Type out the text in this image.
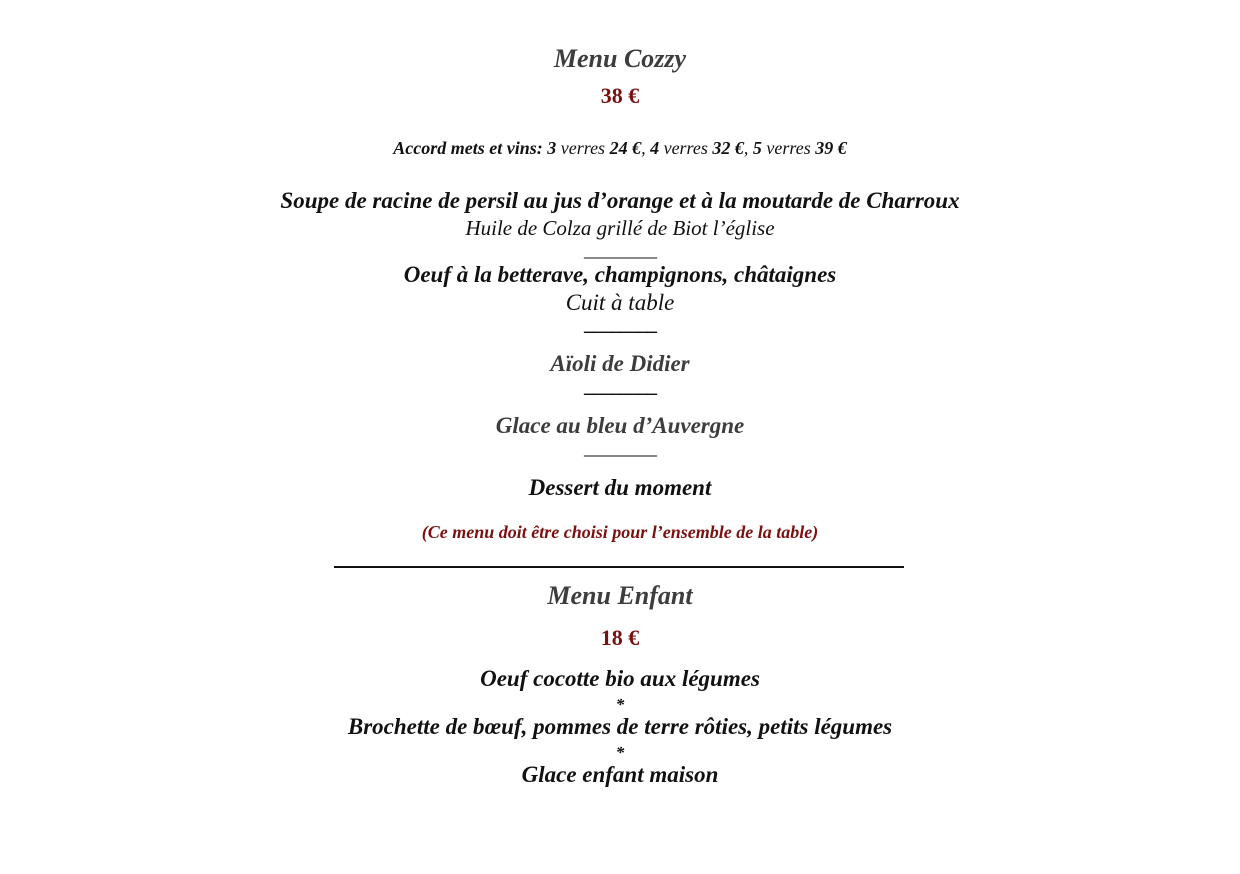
Menu Cozzy
38 €
Accord mets et vins: 3 verres 24 €, 4 verres 32 €, 5 verres 39 €
Soupe de racine de persil au jus d’orange et à la moutarde de Charroux
Huile de Colza grillé de Biot l’église
________
Oeuf à la betterave, champignons, châtaignes
Cuit à table
________
Aïoli de Didier
________
Glace au bleu d’Auvergne
________
Dessert du moment
(Ce menu doit être choisi pour l’ensemble de la table)
Menu Enfant
18 €
Oeuf cocotte bio aux légumes
*
Brochette de bœuf, pommes de terre rôties, petits légumes
*
Glace enfant maison
